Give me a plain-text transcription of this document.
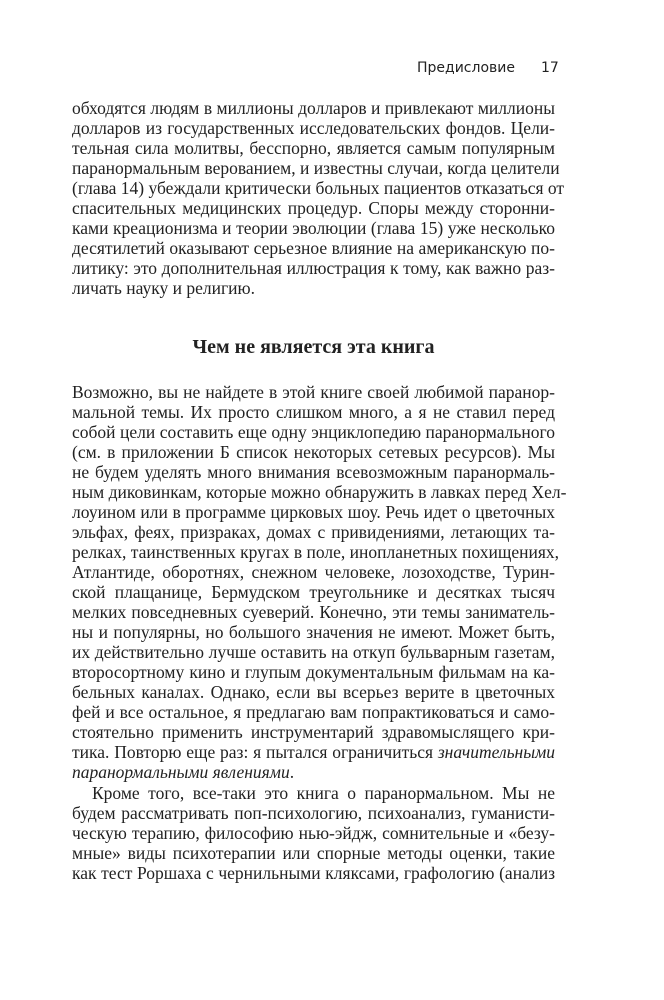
Предисловие 17
обходятся людям в миллионы долларов и привлекают миллионы
долларов из государственных исследовательских фондов. Цели-
тельная сила молитвы, бесспорно, является самым популярным
паранормальным верованием, и известны случаи, когда целители
(глава 14) убеждали критически больных пациентов отказаться от
спасительных медицинских процедур. Споры между сторонни-
ками креационизма и теории эволюции (глава 15) уже несколько
десятилетий оказывают серьезное влияние на американскую по-
литику: это дополнительная иллюстрация к тому, как важно раз-
личать науку и религию.
Чем не является эта книга
Возможно, вы не найдете в этой книге своей любимой паранор-
мальной темы. Их просто слишком много, а я не ставил перед
собой цели составить еще одну энциклопедию паранормального
(см. в приложении Б список некоторых сетевых ресурсов). Мы
не будем уделять много внимания всевозможным паранормаль-
ным диковинкам, которые можно обнаружить в лавках перед Хел-
лоуином или в программе цирковых шоу. Речь идет о цветочных
эльфах, феях, призраках, домах с привидениями, летающих та-
релках, таинственных кругах в поле, инопланетных похищениях,
Атлантиде, оборотнях, снежном человеке, лозоходстве, Турин-
ской плащанице, Бермудском треугольнике и десятках тысяч
мелких повседневных суеверий. Конечно, эти темы заниматель-
ны и популярны, но большого значения не имеют. Может быть,
их действительно лучше оставить на откуп бульварным газетам,
второсортному кино и глупым документальным фильмам на ка-
бельных каналах. Однако, если вы всерьез верите в цветочных
фей и все остальное, я предлагаю вам попрактиковаться и само-
стоятельно применить инструментарий здравомыслящего кри-
тика. Повторю еще раз: я пытался ограничиться значительными
паранормальными явлениями.
Кроме того, все-таки это книга о паранормальном. Мы не
будем рассматривать поп-психологию, психоанализ, гуманисти-
ческую терапию, философию нью-эйдж, сомнительные и «безу-
мные» виды психотерапии или спорные методы оценки, такие
как тест Роршаха с чернильными кляксами, графологию (анализ
